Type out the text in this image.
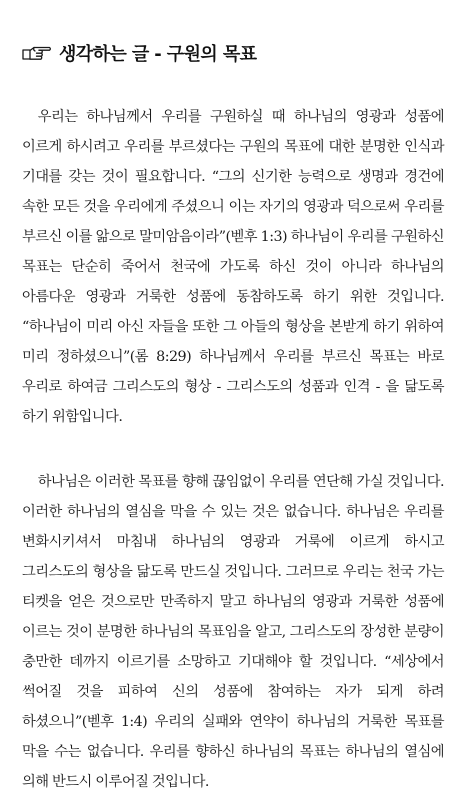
생각하는 글 - 구원의 목표

우리는 하나님께서 우리를 구원하실 때 하나님의 영광과 성품에 이르게 하시려고 우리를 부르셨다는 구원의 목표에 대한 분명한 인식과 기대를 갖는 것이 필요합니다. “그의 신기한 능력으로 생명과 경건에 속한 모든 것을 우리에게 주셨으니 이는 자기의 영광과 덕으로써 우리를 부르신 이를 앎으로 말미암음이라”(벧후 1:3) 하나님이 우리를 구원하신 목표는 단순히 죽어서 천국에 가도록 하신 것이 아니라 하나님의 아름다운 영광과 거룩한 성품에 동참하도록 하기 위한 것입니다. “하나님이 미리 아신 자들을 또한 그 아들의 형상을 본받게 하기 위하여 미리 정하셨으니”(롬 8:29) 하나님께서 우리를 부르신 목표는 바로 우리로 하여금 그리스도의 형상 - 그리스도의 성품과 인격 - 을 닮도록 하기 위함입니다.

하나님은 이러한 목표를 향해 끊임없이 우리를 연단해 가실 것입니다. 이러한 하나님의 열심을 막을 수 있는 것은 없습니다. 하나님은 우리를 변화시키셔서 마침내 하나님의 영광과 거룩에 이르게 하시고 그리스도의 형상을 닮도록 만드실 것입니다. 그러므로 우리는 천국 가는 티켓을 얻은 것으로만 만족하지 말고 하나님의 영광과 거룩한 성품에 이르는 것이 분명한 하나님의 목표임을 알고, 그리스도의 장성한 분량이 충만한 데까지 이르기를 소망하고 기대해야 할 것입니다. “세상에서 썩어질 것을 피하여 신의 성품에 참여하는 자가 되게 하려 하셨으니”(벧후 1:4) 우리의 실패와 연약이 하나님의 거룩한 목표를 막을 수는 없습니다. 우리를 향하신 하나님의 목표는 하나님의 열심에 의해 반드시 이루어질 것입니다.
